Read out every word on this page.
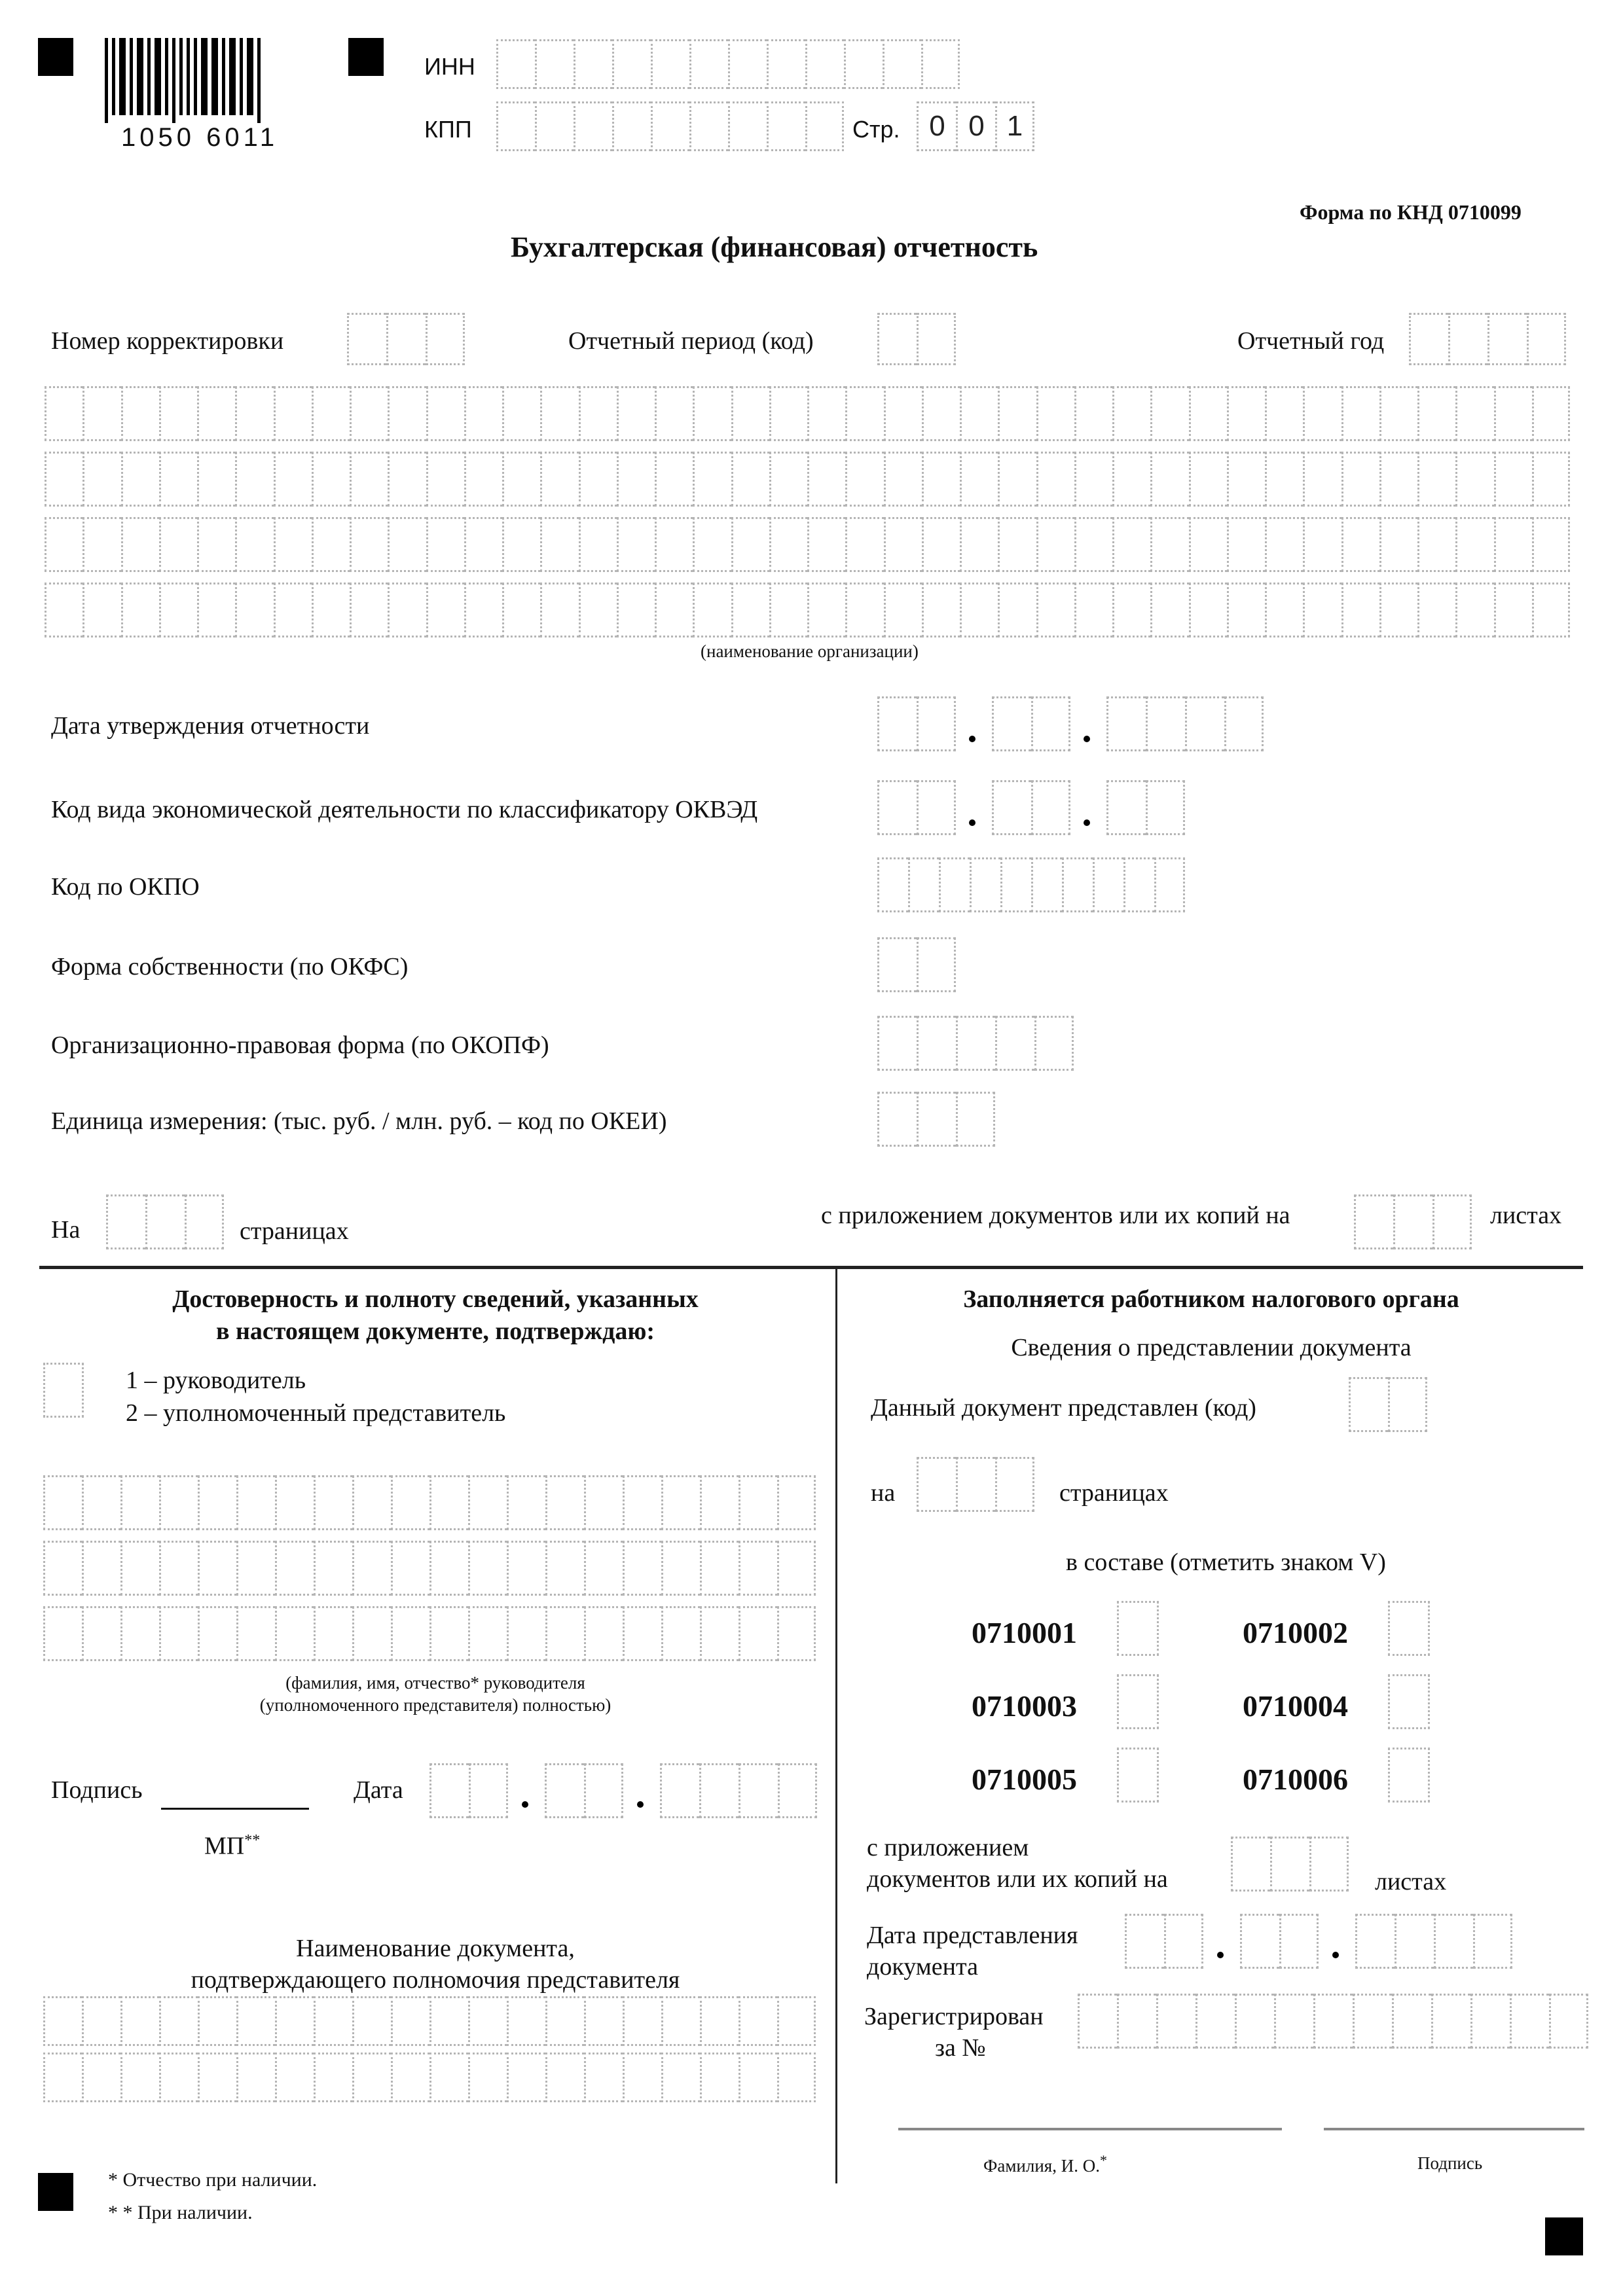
1050 6011
ИНН
КПП	Стр.	0 0 1
Форма по КНД 0710099
Бухгалтерская (финансовая) отчетность
Номер корректировки	Отчетный период (код)	Отчетный год
(наименование организации)
Дата утверждения отчетности
Код вида экономической деятельности по классификатору ОКВЭД
Код по ОКПО
Форма собственности (по ОКФС)
Организационно-правовая форма (по ОКОПФ)
Единица измерения: (тыс. руб. / млн. руб. – код по ОКЕИ)
На	страницах
с приложением документов или их копий на	листах
Достоверность и полноту сведений, указанных
в настоящем документе, подтверждаю:
1 – руководитель
2 – уполномоченный представитель
(фамилия, имя, отчество* руководителя
(уполномоченного представителя) полностью)
Подпись	Дата
МП**
Наименование документа,
подтверждающего полномочия представителя
* Отчество при наличии.
* * При наличии.
Заполняется работником налогового органа
Сведения о представлении документа
Данный документ представлен (код)
на	страницах
в составе (отметить знаком V)
0710001	0710002
0710003	0710004
0710005	0710006
с приложением
документов или их копий на	листах
Дата представления
документа
Зарегистрирован
за №
Фамилия, И. О.*	Подпись
